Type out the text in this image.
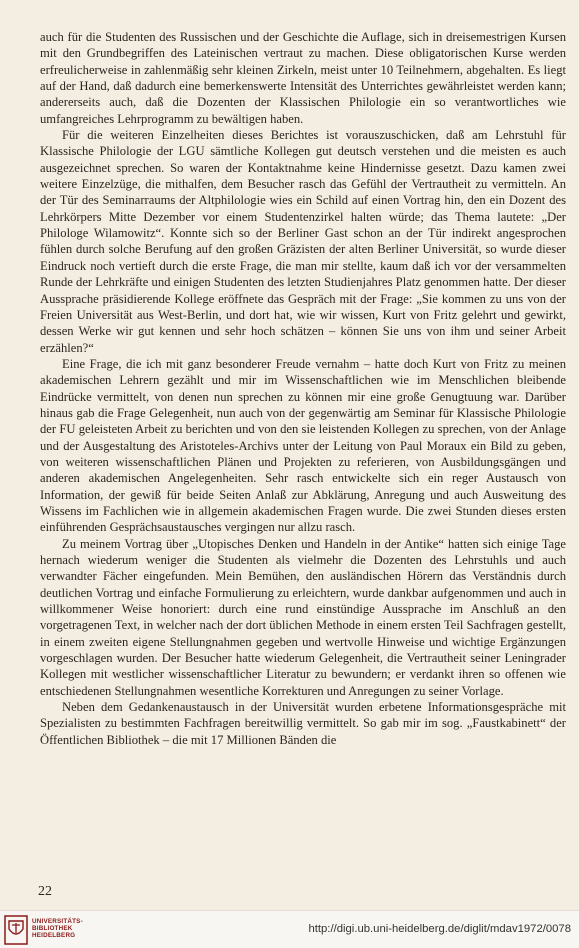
auch für die Studenten des Russischen und der Geschichte die Auflage, sich in dreisemestrigen Kursen mit den Grundbegriffen des Lateinischen vertraut zu machen. Diese obligatorischen Kurse werden erfreulicherweise in zahlenmäßig sehr kleinen Zirkeln, meist unter 10 Teilnehmern, abgehalten. Es liegt auf der Hand, daß dadurch eine bemerkenswerte Intensität des Unterrichtes gewährleistet werden kann; andererseits auch, daß die Dozenten der Klassischen Philologie ein so verantwortliches wie umfangreiches Lehrprogramm zu bewältigen haben.

Für die weiteren Einzelheiten dieses Berichtes ist vorauszuschicken, daß am Lehrstuhl für Klassische Philologie der LGU sämtliche Kollegen gut deutsch verstehen und die meisten es auch ausgezeichnet sprechen. So waren der Kontaktnahme keine Hindernisse gesetzt. Dazu kamen zwei weitere Einzelzüge, die mithalfen, dem Besucher rasch das Gefühl der Vertrautheit zu vermitteln. An der Tür des Seminarraums der Altphilologie wies ein Schild auf einen Vortrag hin, den ein Dozent des Lehrkörpers Mitte Dezember vor einem Studentenzirkel halten würde; das Thema lautete: „Der Philologe Wilamowitz“. Konnte sich so der Berliner Gast schon an der Tür indirekt angesprochen fühlen durch solche Berufung auf den großen Gräzisten der alten Berliner Universität, so wurde dieser Eindruck noch vertieft durch die erste Frage, die man mir stellte, kaum daß ich vor der versammelten Runde der Lehrkräfte und einigen Studenten des letzten Studienjahres Platz genommen hatte. Der dieser Aussprache präsidierende Kollege eröffnete das Gespräch mit der Frage: „Sie kommen zu uns von der Freien Universität aus West-Berlin, und dort hat, wie wir wissen, Kurt von Fritz gelehrt und gewirkt, dessen Werke wir gut kennen und sehr hoch schätzen – können Sie uns von ihm und seiner Arbeit erzählen?“

Eine Frage, die ich mit ganz besonderer Freude vernahm – hatte doch Kurt von Fritz zu meinen akademischen Lehrern gezählt und mir im Wissenschaftlichen wie im Menschlichen bleibende Eindrücke vermittelt, von denen nun sprechen zu können mir eine große Genugtuung war. Darüber hinaus gab die Frage Gelegenheit, nun auch von der gegenwärtig am Seminar für Klassische Philologie der FU geleisteten Arbeit zu berichten und von den sie leistenden Kollegen zu sprechen, von der Anlage und der Ausgestaltung des Aristoteles-Archivs unter der Leitung von Paul Moraux ein Bild zu geben, von weiteren wissenschaftlichen Plänen und Projekten zu referieren, von Ausbildungsgängen und anderen akademischen Angelegenheiten. Sehr rasch entwickelte sich ein reger Austausch von Information, der gewiß für beide Seiten Anlaß zur Abklärung, Anregung und auch Ausweitung des Wissens im Fachlichen wie in allgemein akademischen Fragen wurde. Die zwei Stunden dieses ersten einführenden Gesprächsaustausches vergingen nur allzu rasch.

Zu meinem Vortrag über „Utopisches Denken und Handeln in der Antike“ hatten sich einige Tage hernach wiederum weniger die Studenten als vielmehr die Dozenten des Lehrstuhls und auch verwandter Fächer eingefunden. Mein Bemühen, den ausländischen Hörern das Verständnis durch deutlichen Vortrag und einfache Formulierung zu erleichtern, wurde dankbar aufgenommen und auch in willkommener Weise honoriert: durch eine rund einstündige Aussprache im Anschluß an den vorgetragenen Text, in welcher nach der dort üblichen Methode in einem ersten Teil Sachfragen gestellt, in einem zweiten eigene Stellungnahmen gegeben und wertvolle Hinweise und wichtige Ergänzungen vorgeschlagen wurden. Der Besucher hatte wiederum Gelegenheit, die Vertrautheit seiner Leningrader Kollegen mit westlicher wissenschaftlicher Literatur zu bewundern; er verdankt ihren so offenen wie entschiedenen Stellungnahmen wesentliche Korrekturen und Anregungen zu seiner Vorlage.

Neben dem Gedankenaustausch in der Universität wurden erbetene Informationsgespräche mit Spezialisten zu bestimmten Fachfragen bereitwillig vermittelt. So gab mir im sog. „Faustkabinett“ der Öffentlichen Bibliothek – die mit 17 Millionen Bänden die

22
UNIVERSITÄTS-
BIBLIOTHEK
HEIDELBERG
http://digi.ub.uni-heidelberg.de/diglit/mdav1972/0078
